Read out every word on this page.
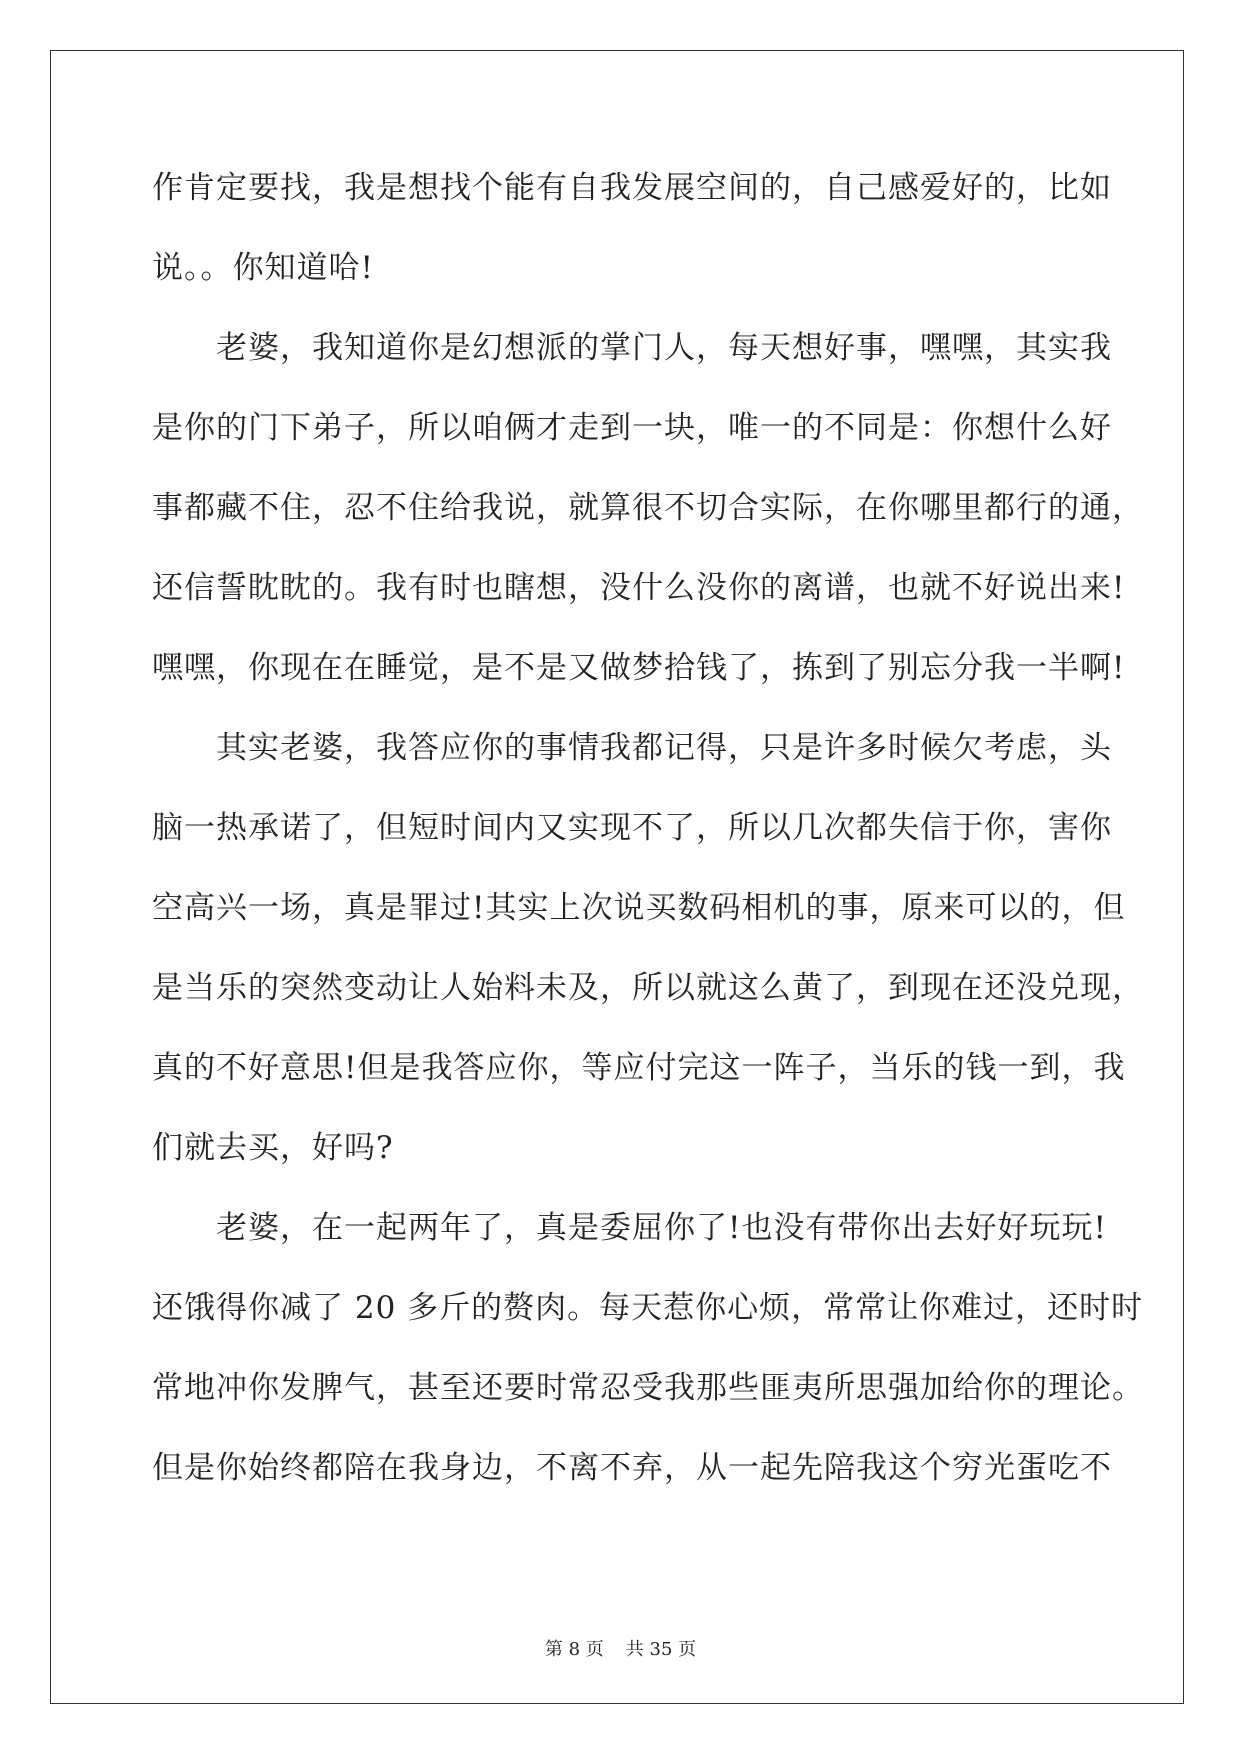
作肯定要找，我是想找个能有自我发展空间的，自己感爱好的，比如
说。。你知道哈!
老婆，我知道你是幻想派的掌门人，每天想好事，嘿嘿，其实我
是你的门下弟子，所以咱俩才走到一块，唯一的不同是：你想什么好
事都藏不住，忍不住给我说，就算很不切合实际，在你哪里都行的通，
还信誓眈眈的。我有时也瞎想，没什么没你的离谱，也就不好说出来!
嘿嘿，你现在在睡觉，是不是又做梦拾钱了，拣到了别忘分我一半啊!
其实老婆，我答应你的事情我都记得，只是许多时候欠考虑，头
脑一热承诺了，但短时间内又实现不了，所以几次都失信于你，害你
空高兴一场，真是罪过!其实上次说买数码相机的事，原来可以的，但
是当乐的突然变动让人始料未及，所以就这么黄了，到现在还没兑现，
真的不好意思!但是我答应你，等应付完这一阵子，当乐的钱一到，我
们就去买，好吗?
老婆，在一起两年了，真是委屈你了!也没有带你出去好好玩玩!
还饿得你减了 20 多斤的赘肉。每天惹你心烦，常常让你难过，还时时
常地冲你发脾气，甚至还要时常忍受我那些匪夷所思强加给你的理论。
但是你始终都陪在我身边，不离不弃，从一起先陪我这个穷光蛋吃不
第 8 页 共 35 页
